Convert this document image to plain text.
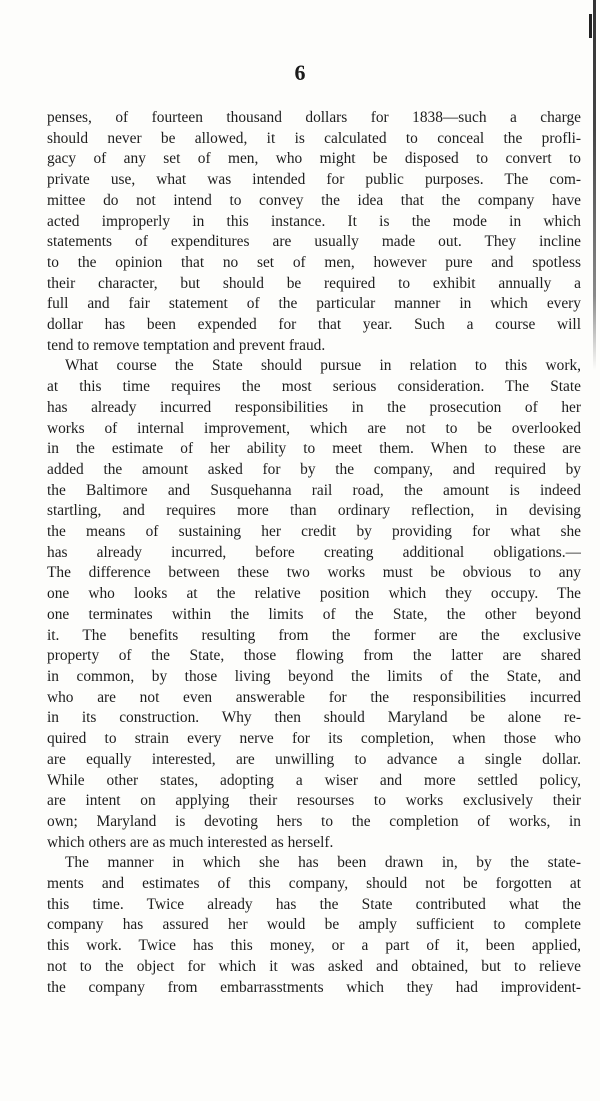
6
penses, of fourteen thousand dollars for 1838—such a charge
should never be allowed, it is calculated to conceal the profli-
gacy of any set of men, who might be disposed to convert to
private use, what was intended for public purposes. The com-
mittee do not intend to convey the idea that the company have
acted improperly in this instance. It is the mode in which
statements of expenditures are usually made out. They incline
to the opinion that no set of men, however pure and spotless
their character, but should be required to exhibit annually a
full and fair statement of the particular manner in which every
dollar has been expended for that year. Such a course will
tend to remove temptation and prevent fraud.
What course the State should pursue in relation to this work,
at this time requires the most serious consideration. The State
has already incurred responsibilities in the prosecution of her
works of internal improvement, which are not to be overlooked
in the estimate of her ability to meet them. When to these are
added the amount asked for by the company, and required by
the Baltimore and Susquehanna rail road, the amount is indeed
startling, and requires more than ordinary reflection, in devising
the means of sustaining her credit by providing for what she
has already incurred, before creating additional obligations.—
The difference between these two works must be obvious to any
one who looks at the relative position which they occupy. The
one terminates within the limits of the State, the other beyond
it. The benefits resulting from the former are the exclusive
property of the State, those flowing from the latter are shared
in common, by those living beyond the limits of the State, and
who are not even answerable for the responsibilities incurred
in its construction. Why then should Maryland be alone re-
quired to strain every nerve for its completion, when those who
are equally interested, are unwilling to advance a single dollar.
While other states, adopting a wiser and more settled policy,
are intent on applying their resourses to works exclusively their
own; Maryland is devoting hers to the completion of works, in
which others are as much interested as herself.
The manner in which she has been drawn in, by the state-
ments and estimates of this company, should not be forgotten at
this time. Twice already has the State contributed what the
company has assured her would be amply sufficient to complete
this work. Twice has this money, or a part of it, been applied,
not to the object for which it was asked and obtained, but to relieve
the company from embarrasstments which they had improvident-
